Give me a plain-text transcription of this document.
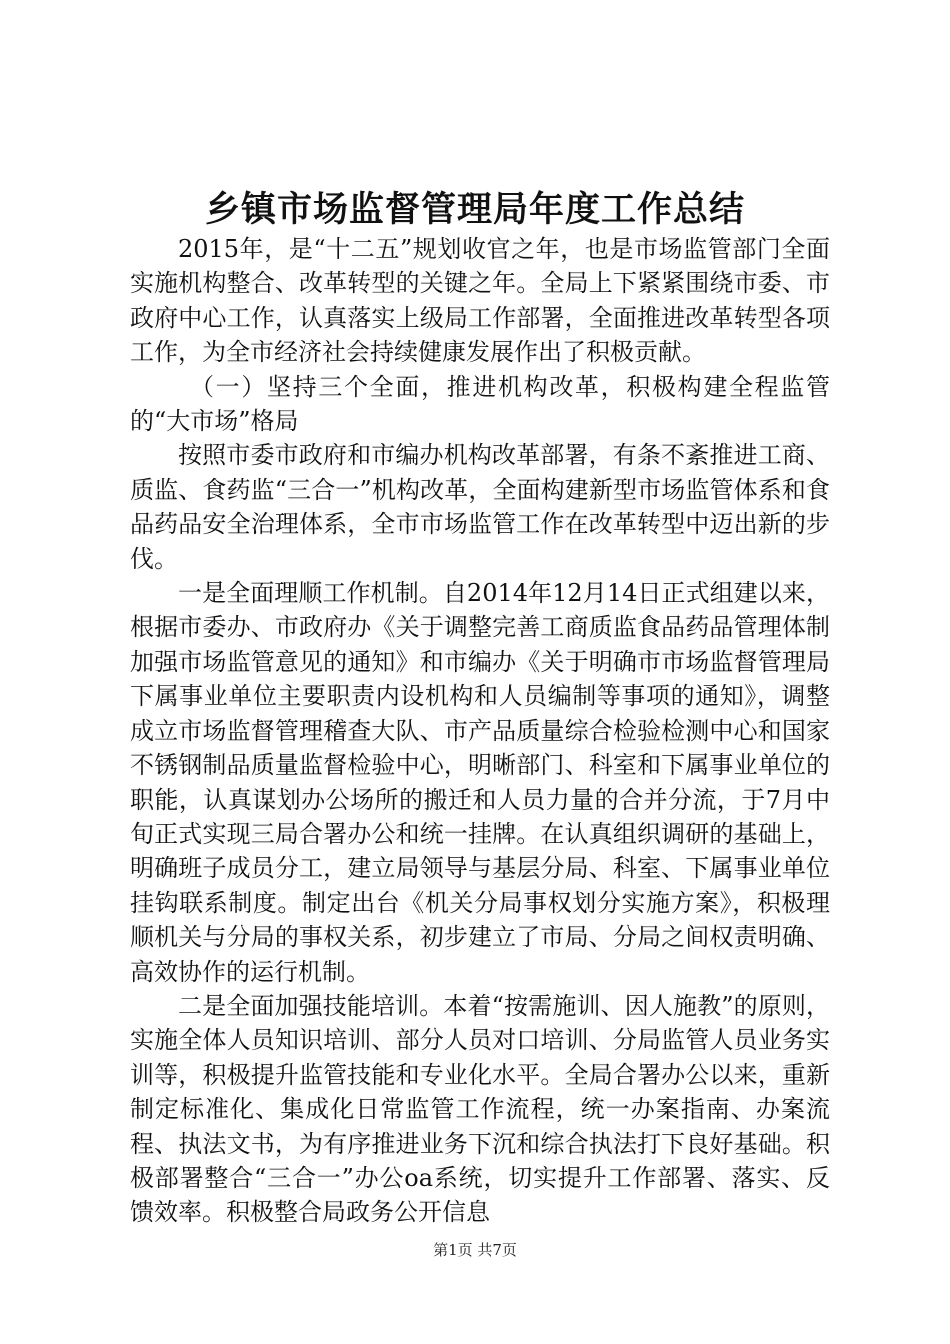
乡镇市场监督管理局年度工作总结

2015年，是“十二五”规划收官之年，也是市场监管部门全面实施机构整合、改革转型的关键之年。全局上下紧紧围绕市委、市政府中心工作，认真落实上级局工作部署，全面推进改革转型各项工作，为全市经济社会持续健康发展作出了积极贡献。

（一）坚持三个全面，推进机构改革，积极构建全程监管的“大市场”格局

按照市委市政府和市编办机构改革部署，有条不紊推进工商、质监、食药监“三合一”机构改革，全面构建新型市场监管体系和食品药品安全治理体系，全市市场监管工作在改革转型中迈出新的步伐。

一是全面理顺工作机制。自2014年12月14日正式组建以来，根据市委办、市政府办《关于调整完善工商质监食品药品管理体制加强市场监管意见的通知》和市编办《关于明确市市场监督管理局下属事业单位主要职责内设机构和人员编制等事项的通知》，调整成立市场监督管理稽查大队、市产品质量综合检验检测中心和国家不锈钢制品质量监督检验中心，明晰部门、科室和下属事业单位的职能，认真谋划办公场所的搬迁和人员力量的合并分流，于7月中旬正式实现三局合署办公和统一挂牌。在认真组织调研的基础上，明确班子成员分工，建立局领导与基层分局、科室、下属事业单位挂钩联系制度。制定出台《机关分局事权划分实施方案》，积极理顺机关与分局的事权关系，初步建立了市局、分局之间权责明确、高效协作的运行机制。

二是全面加强技能培训。本着“按需施训、因人施教”的原则，实施全体人员知识培训、部分人员对口培训、分局监管人员业务实训等，积极提升监管技能和专业化水平。全局合署办公以来，重新制定标准化、集成化日常监管工作流程，统一办案指南、办案流程、执法文书，为有序推进业务下沉和综合执法打下良好基础。积极部署整合“三合一”办公oa系统，切实提升工作部署、落实、反馈效率。积极整合局政务公开信息

第1页 共7页
